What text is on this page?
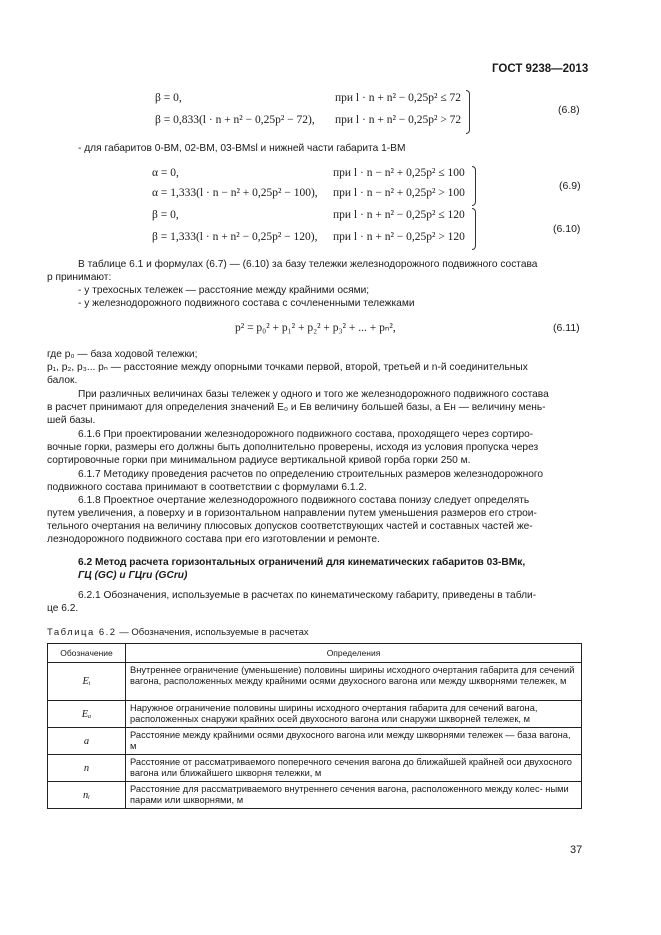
ГОСТ 9238—2013
β = 0,	при l · n + n² − 0,25p² ≤ 72
β = 0,833(l · n + n² − 0,25p² − 72), при l · n + n² − 0,25p² > 72
(6.8)
- для габаритов 0-ВМ, 02-ВМ, 03-ВМsl и нижней части габарита 1-ВМ
α = 0,	при l · n − n² + 0,25p² ≤ 100
α = 1,333(l · n − n² + 0,25p² − 100), при l · n − n² + 0,25p² > 100
(6.9)
β = 0,	при l · n + n² − 0,25p² ≤ 120
β = 1,333(l · n + n² − 0,25p² − 120), при l · n + n² − 0,25p² > 120
(6.10)
В таблице 6.1 и формулах (6.7) — (6.10) за базу тележки железнодорожного подвижного состава
p принимают:
- у трехосных тележек — расстояние между крайними осями;
- у железнодорожного подвижного состава с сочлененными тележками
p² = p₀² + p₁² + p₂² + p₃² + ... + pₙ²,	(6.11)
где p₀ — база ходовой тележки;
p₁, p₂, p₃... pₙ — расстояние между опорными точками первой, второй, третьей и n-й соединительных
балок.
При различных величинах базы тележек у одного и того же железнодорожного подвижного состава
в расчет принимают для определения значений E₀ и Eв величину большей базы, а Eн — величину мень-
шей базы.
6.1.6 При проектировании железнодорожного подвижного состава, проходящего через сортиро-
вочные горки, размеры его должны быть дополнительно проверены, исходя из условия пропуска через
сортировочные горки при минимальном радиусе вертикальной кривой горба горки 250 м.
6.1.7 Методику проведения расчетов по определению строительных размеров железнодорожного
подвижного состава принимают в соответствии с формулами 6.1.2.
6.1.8 Проектное очертание железнодорожного подвижного состава понизу следует определять
путем увеличения, а поверху и в горизонтальном направлении путем уменьшения размеров его строи-
тельного очертания на величину плюсовых допусков соответствующих частей и составных частей же-
лезнодорожного подвижного состава при его изготовлении и ремонте.
6.2 Метод расчета горизонтальных ограничений для кинематических габаритов 03-ВМк,
ГЦ (GC) и ГЦru (GCru)
6.2.1 Обозначения, используемые в расчетах по кинематическому габариту, приведены в табли-
це 6.2.
Таблица 6.2 — Обозначения, используемые в расчетах
Обозначение	Определения
Eᵢ	Внутреннее ограничение (уменьшение) половины ширины исходного очертания габарита для сечений вагона, расположенных между крайними осями двухосного вагона или между шкворнями тележек, м
Eₐ	Наружное ограничение половины ширины исходного очертания габарита для сечений вагона, расположенных снаружи крайних осей двухосного вагона или снаружи шкворней тележек, м
a	Расстояние между крайними осями двухосного вагона или между шкворнями тележек — база вагона, м
n	Расстояние от рассматриваемого поперечного сечения вагона до ближайшей крайней оси двухосного вагона или ближайшего шкворня тележки, м
nᵢ	Расстояние для рассматриваемого внутреннего сечения вагона, расположенного между колес- ными парами или шкворнями, м
37
